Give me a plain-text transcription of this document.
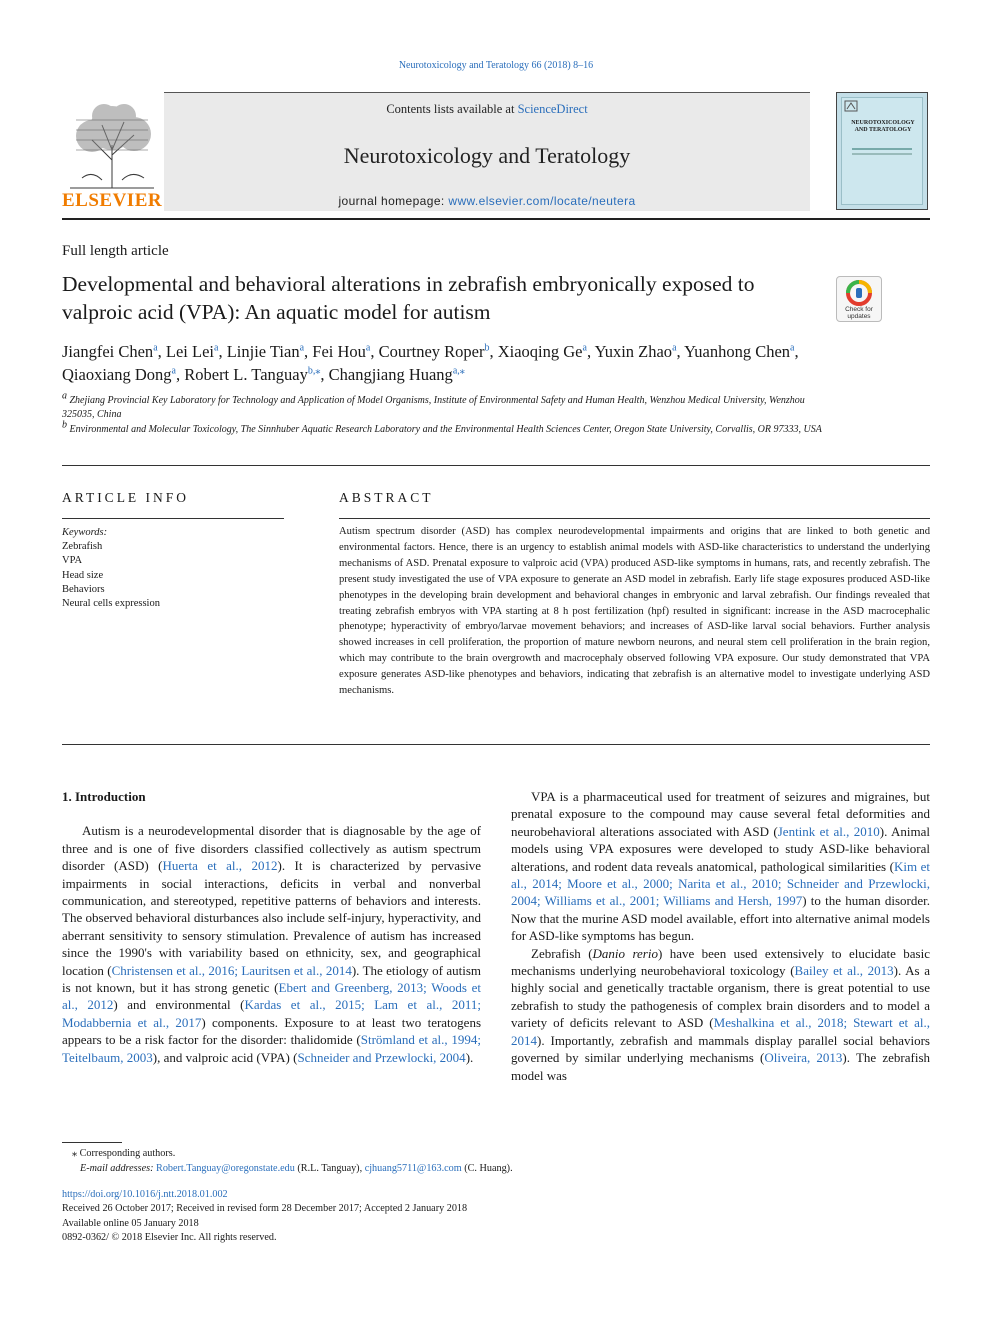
Neurotoxicology and Teratology 66 (2018) 8–16
ELSEVIER
Contents lists available at ScienceDirect
Neurotoxicology and Teratology
journal homepage: www.elsevier.com/locate/neutera
NEUROTOXICOLOGY AND TERATOLOGY
Full length article
Developmental and behavioral alterations in zebrafish embryonically exposed to valproic acid (VPA): An aquatic model for autism	Check for updates
Jiangfei Chen$^a$, Lei Lei$^a$, Linjie Tian$^a$, Fei Hou$^a$, Courtney Roper$^b$, Xiaoqing Ge$^a$, Yuxin Zhao$^a$, Yuanhong Chen$^a$, Qiaoxiang Dong$^a$, Robert L. Tanguay$^{b,⁎}$, Changjiang Huang$^{a,⁎}$
$^a$ Zhejiang Provincial Key Laboratory for Technology and Application of Model Organisms, Institute of Environmental Safety and Human Health, Wenzhou Medical University, Wenzhou 325035, China
$^b$ Environmental and Molecular Toxicology, The Sinnhuber Aquatic Research Laboratory and the Environmental Health Sciences Center, Oregon State University, Corvallis, OR 97333, USA
ARTICLE INFO
Keywords:
Zebrafish
VPA
Head size
Behaviors
Neural cells expression
ABSTRACT
Autism spectrum disorder (ASD) has complex neurodevelopmental impairments and origins that are linked to both genetic and environmental factors. Hence, there is an urgency to establish animal models with ASD-like characteristics to understand the underlying mechanisms of ASD. Prenatal exposure to valproic acid (VPA) produced ASD-like symptoms in humans, rats, and recently zebrafish. The present study investigated the use of VPA exposure to generate an ASD model in zebrafish. Early life stage exposures produced ASD-like phenotypes in the developing brain development and behavioral changes in embryonic and larval zebrafish. Our findings revealed that treating zebrafish embryos with VPA starting at 8 h post fertilization (hpf) resulted in significant: increase in the ASD macrocephalic phenotype; hyperactivity of embryo/larvae movement behaviors; and increases of ASD-like larval social behaviors. Further analysis showed increases in cell proliferation, the proportion of mature newborn neurons, and neural stem cell proliferation in the brain region, which may contribute to the brain overgrowth and macrocephaly observed following VPA exposure. Our study demonstrated that VPA exposure generates ASD-like phenotypes and behaviors, indicating that zebrafish is an alternative model to investigate underlying ASD mechanisms.

1. Introduction

Autism is a neurodevelopmental disorder that is diagnosable by the age of three and is one of five disorders classified collectively as autism spectrum disorder (ASD) (Huerta et al., 2012). It is characterized by pervasive impairments in social interactions, deficits in verbal and nonverbal communication, and stereotyped, repetitive patterns of behaviors and interests. The observed behavioral disturbances also include self-injury, hyperactivity, and aberrant sensitivity to sensory stimulation. Prevalence of autism has increased since the 1990's with variability based on ethnicity, sex, and geographical location (Christensen et al., 2016; Lauritsen et al., 2014). The etiology of autism is not known, but it has strong genetic (Ebert and Greenberg, 2013; Woods et al., 2012) and environmental (Kardas et al., 2015; Lam et al., 2011; Modabbernia et al., 2017) components. Exposure to at least two teratogens appears to be a risk factor for the disorder: thalidomide (Strömland et al., 1994; Teitelbaum, 2003), and valproic acid (VPA) (Schneider and Przewlocki, 2004).

VPA is a pharmaceutical used for treatment of seizures and migraines, but prenatal exposure to the compound may cause several fetal deformities and neurobehavioral alterations associated with ASD (Jentink et al., 2010). Animal models using VPA exposures were developed to study ASD-like behavioral alterations, and rodent data reveals anatomical, pathological similarities (Kim et al., 2014; Moore et al., 2000; Narita et al., 2010; Schneider and Przewlocki, 2004; Williams et al., 2001; Williams and Hersh, 1997) to the human disorder. Now that the murine ASD model available, effort into alternative animal models for ASD-like symptoms has begun.

Zebrafish (Danio rerio) have been used extensively to elucidate basic mechanisms underlying neurobehavioral toxicology (Bailey et al., 2013). As a highly social and genetically tractable organism, there is great potential to use zebrafish to study the pathogenesis of complex brain disorders and to model a variety of deficits relevant to ASD (Meshalkina et al., 2018; Stewart et al., 2014). Importantly, zebrafish and mammals display parallel social behaviors governed by similar underlying mechanisms (Oliveira, 2013). The zebrafish model was

⁎ Corresponding authors.
E-mail addresses: Robert.Tanguay@oregonstate.edu (R.L. Tanguay), cjhuang5711@163.com (C. Huang).
https://doi.org/10.1016/j.ntt.2018.01.002
Received 26 October 2017; Received in revised form 28 December 2017; Accepted 2 January 2018
Available online 05 January 2018
0892-0362/ © 2018 Elsevier Inc. All rights reserved.
